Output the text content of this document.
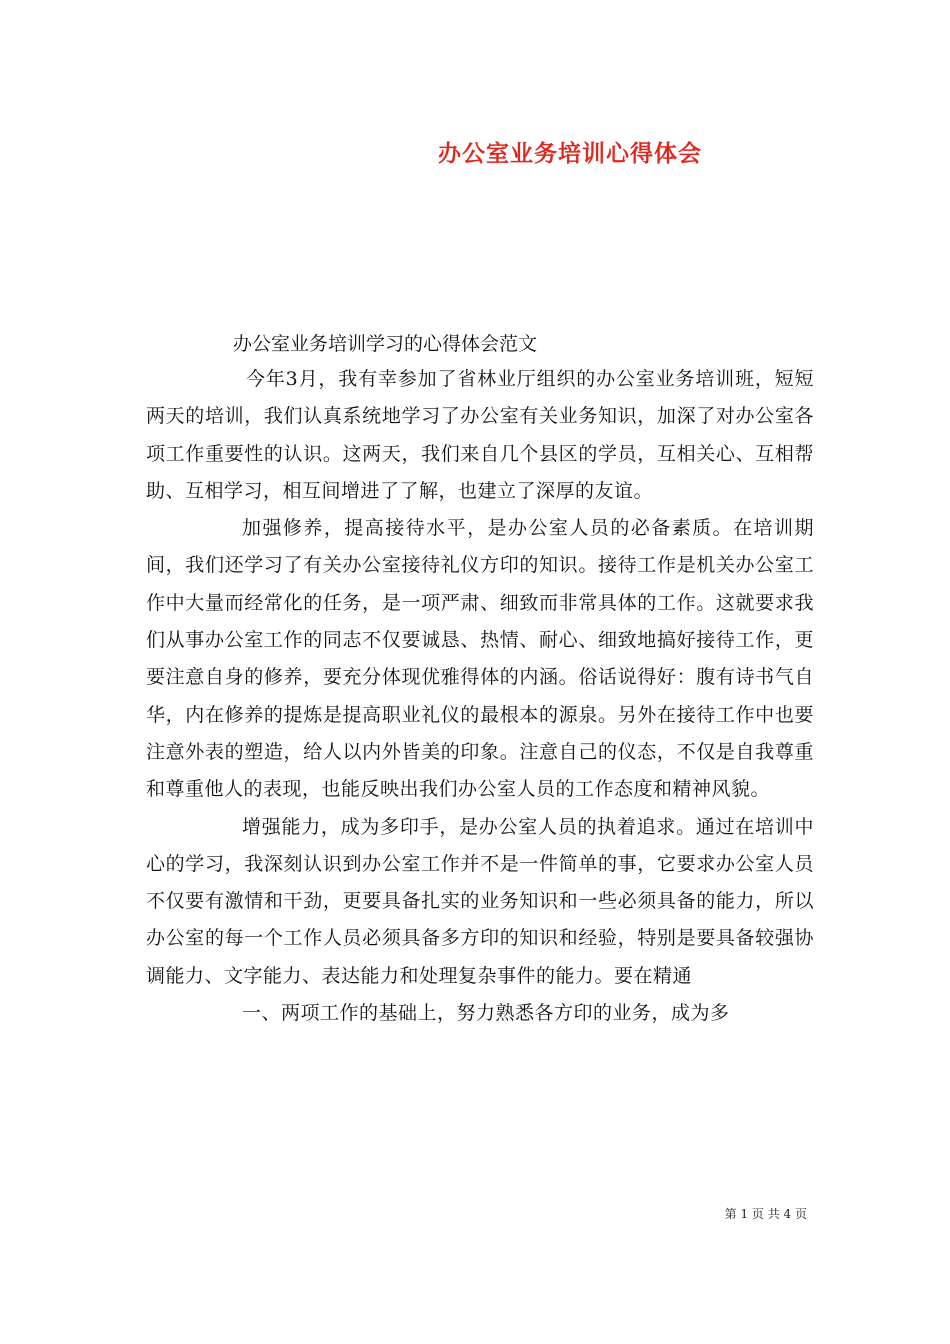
办公室业务培训心得体会
办公室业务培训学习的心得体会范文

今年3月，我有幸参加了省林业厅组织的办公室业务培训班，短短两天的培训，我们认真系统地学习了办公室有关业务知识，加深了对办公室各项工作重要性的认识。这两天，我们来自几个县区的学员，互相关心、互相帮助、互相学习，相互间增进了了解，也建立了深厚的友谊。

加强修养，提高接待水平，是办公室人员的必备素质。在培训期间，我们还学习了有关办公室接待礼仪方印的知识。接待工作是机关办公室工作中大量而经常化的任务，是一项严肃、细致而非常具体的工作。这就要求我们从事办公室工作的同志不仅要诚恳、热情、耐心、细致地搞好接待工作，更要注意自身的修养，要充分体现优雅得体的内涵。俗话说得好：腹有诗书气自华，内在修养的提炼是提高职业礼仪的最根本的源泉。另外在接待工作中也要注意外表的塑造，给人以内外皆美的印象。注意自己的仪态，不仅是自我尊重和尊重他人的表现，也能反映出我们办公室人员的工作态度和精神风貌。

增强能力，成为多印手，是办公室人员的执着追求。通过在培训中心的学习，我深刻认识到办公室工作并不是一件简单的事，它要求办公室人员不仅要有激情和干劲，更要具备扎实的业务知识和一些必须具备的能力，所以办公室的每一个工作人员必须具备多方印的知识和经验，特别是要具备较强协调能力、文字能力、表达能力和处理复杂事件的能力。要在精通

一、两项工作的基础上，努力熟悉各方印的业务，成为多

第 1 页 共 4 页
